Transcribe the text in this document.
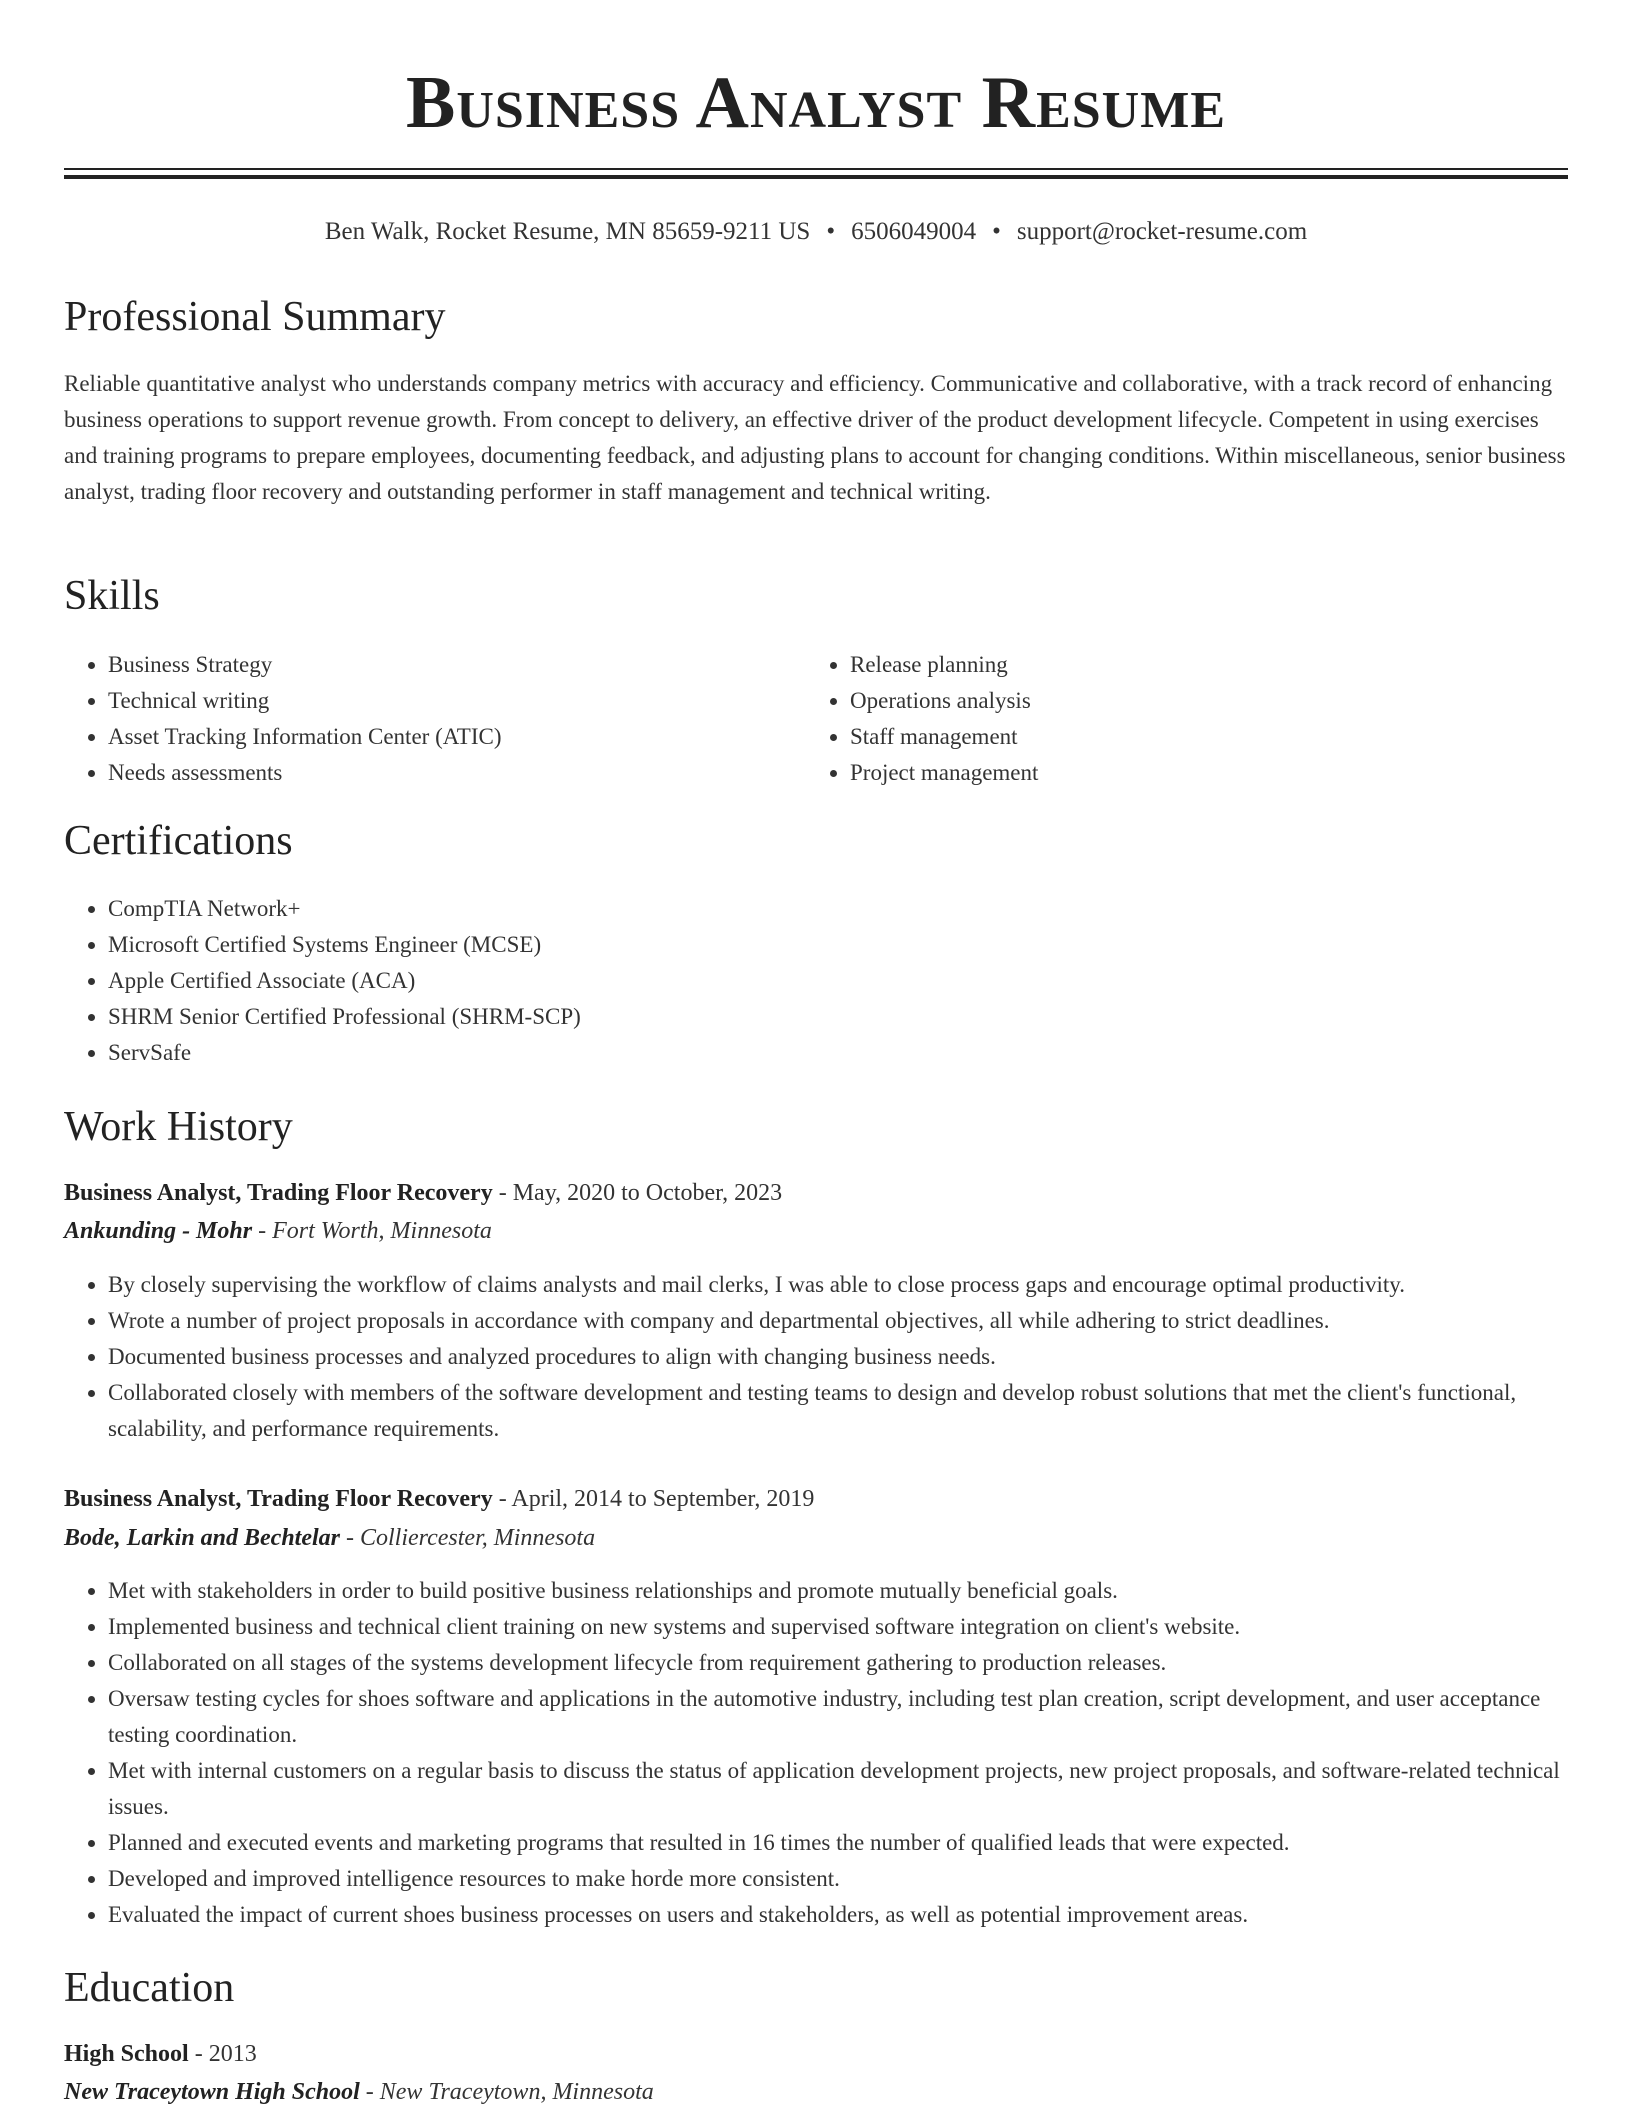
Business Analyst Resume
Ben Walk, Rocket Resume, MN 85659-9211 US • 6506049004 • support@rocket-resume.com
Professional Summary

Reliable quantitative analyst who understands company metrics with accuracy and efficiency. Communicative and collaborative, with a track record of enhancing business operations to support revenue growth. From concept to delivery, an effective driver of the product development lifecycle. Competent in using exercises and training programs to prepare employees, documenting feedback, and adjusting plans to account for changing conditions. Within miscellaneous, senior business analyst, trading floor recovery and outstanding performer in staff management and technical writing.

Skills
• Business Strategy
• Technical writing
• Asset Tracking Information Center (ATIC)
• Needs assessments
• Release planning
• Operations analysis
• Staff management
• Project management
Certifications
• CompTIA Network+
• Microsoft Certified Systems Engineer (MCSE)
• Apple Certified Associate (ACA)
• SHRM Senior Certified Professional (SHRM-SCP)
• ServSafe
Work History

Business Analyst, Trading Floor Recovery - May, 2020 to October, 2023

Ankunding - Mohr - Fort Worth, Minnesota

• By closely supervising the workflow of claims analysts and mail clerks, I was able to close process gaps and encourage optimal productivity.
• Wrote a number of project proposals in accordance with company and departmental objectives, all while adhering to strict deadlines.
• Documented business processes and analyzed procedures to align with changing business needs.
• Collaborated closely with members of the software development and testing teams to design and develop robust solutions that met the client's functional, scalability, and performance requirements.

Business Analyst, Trading Floor Recovery - April, 2014 to September, 2019

Bode, Larkin and Bechtelar - Colliercester, Minnesota

• Met with stakeholders in order to build positive business relationships and promote mutually beneficial goals.
• Implemented business and technical client training on new systems and supervised software integration on client's website.
• Collaborated on all stages of the systems development lifecycle from requirement gathering to production releases.
• Oversaw testing cycles for shoes software and applications in the automotive industry, including test plan creation, script development, and user acceptance testing coordination.
• Met with internal customers on a regular basis to discuss the status of application development projects, new project proposals, and software-related technical issues.
• Planned and executed events and marketing programs that resulted in 16 times the number of qualified leads that were expected.
• Developed and improved intelligence resources to make horde more consistent.
• Evaluated the impact of current shoes business processes on users and stakeholders, as well as potential improvement areas.
Education

High School - 2013

New Traceytown High School - New Traceytown, Minnesota
